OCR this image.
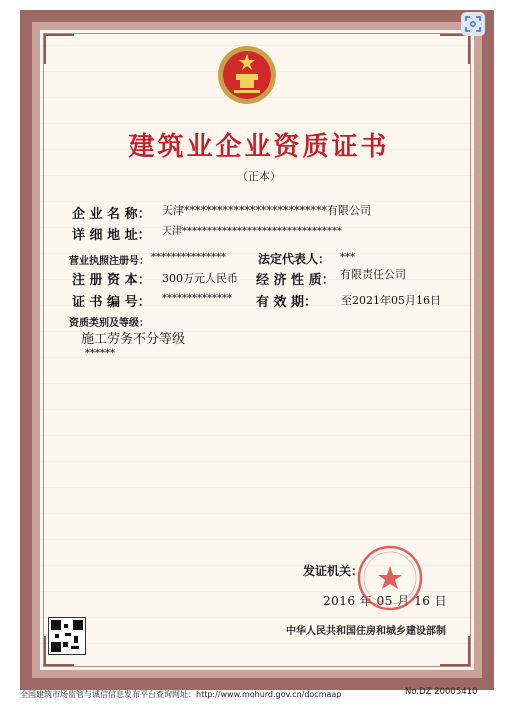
建筑业企业资质证书
（正本）
企 业 名 称： 天津**************************有限公司
详 细 地 址： 天津********************************
营业执照注册号： ***************	法定代表人： ***
注 册 资 本： 300万元人民币 经 济 性 质： 有限责任公司
证 书 编 号： ************** 有 效 期： 至2021年05月16日
资质类别及等级：
施工劳务不分等级
******
发证机关：
2016 年 05 月 16 日
中华人民共和国住房和城乡建设部制
全国建筑市场监管与诚信信息发布平台查询网址：http://www.mohurd.gov.cn/docmaap	No.DZ 20005410
